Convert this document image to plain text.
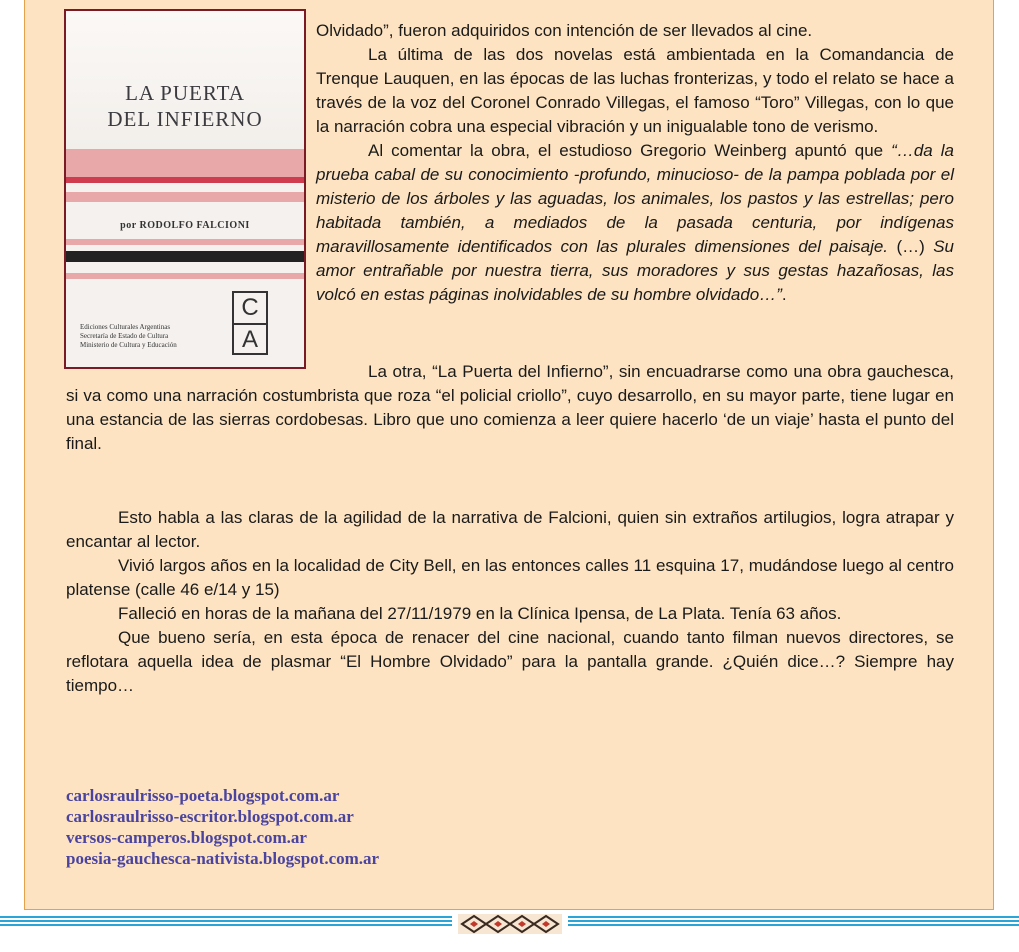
LA PUERTA
DEL INFIERNO
por RODOLFO FALCIONI
Ediciones Culturales Argentinas
Secretaría de Estado de Cultura
Ministerio de Cultura y Educación
C
A

Olvidado”, fueron adquiridos con intención de ser llevados al cine.

La última de las dos novelas está ambientada en la Comandancia de Trenque Lauquen, en las épocas de las luchas fronterizas, y todo el relato se hace a través de la voz del Coronel Conrado Villegas, el famoso “Toro” Villegas, con lo que la narración cobra una especial vibración y un inigualable tono de verismo.

Al comentar la obra, el estudioso Gregorio Weinberg apuntó que “…da la prueba cabal de su conocimiento -profundo, minucioso- de la pampa poblada por el misterio de los árboles y las aguadas, los animales, los pastos y las estrellas; pero habitada también, a mediados de la pasada centuria, por indígenas maravillosamente identificados con las plurales dimensiones del paisaje. (…) Su amor entrañable por nuestra tierra, sus moradores y sus gestas hazañosas, las volcó en estas páginas inolvidables de su hombre olvidado…”.

La otra, “La Puerta del Infierno”, sin encuadrarse como una obra gauchesca, si va como una narración costumbrista que roza “el policial criollo”, cuyo desarrollo, en su mayor parte, tiene lugar en una estancia de las sierras cordobesas. Libro que uno comienza a leer quiere hacerlo ‘de un viaje’ hasta el punto del final.

Esto habla a las claras de la agilidad de la narrativa de Falcioni, quien sin extraños artilugios, logra atrapar y encantar al lector.

Vivió largos años en la localidad de City Bell, en las entonces calles 11 esquina 17, mudándose luego al centro platense (calle 46 e/14 y 15)

Falleció en horas de la mañana del 27/11/1979 en la Clínica Ipensa, de La Plata. Tenía 63 años.

Que bueno sería, en esta época de renacer del cine nacional, cuando tanto filman nuevos directores, se reflotara aquella idea de plasmar “El Hombre Olvidado” para la pantalla grande. ¿Quién dice…? Siempre hay tiempo…

carlosraulrisso-poeta.blogspot.com.ar
carlosraulrisso-escritor.blogspot.com.ar
versos-camperos.blogspot.com.ar
poesia-gauchesca-nativista.blogspot.com.ar
